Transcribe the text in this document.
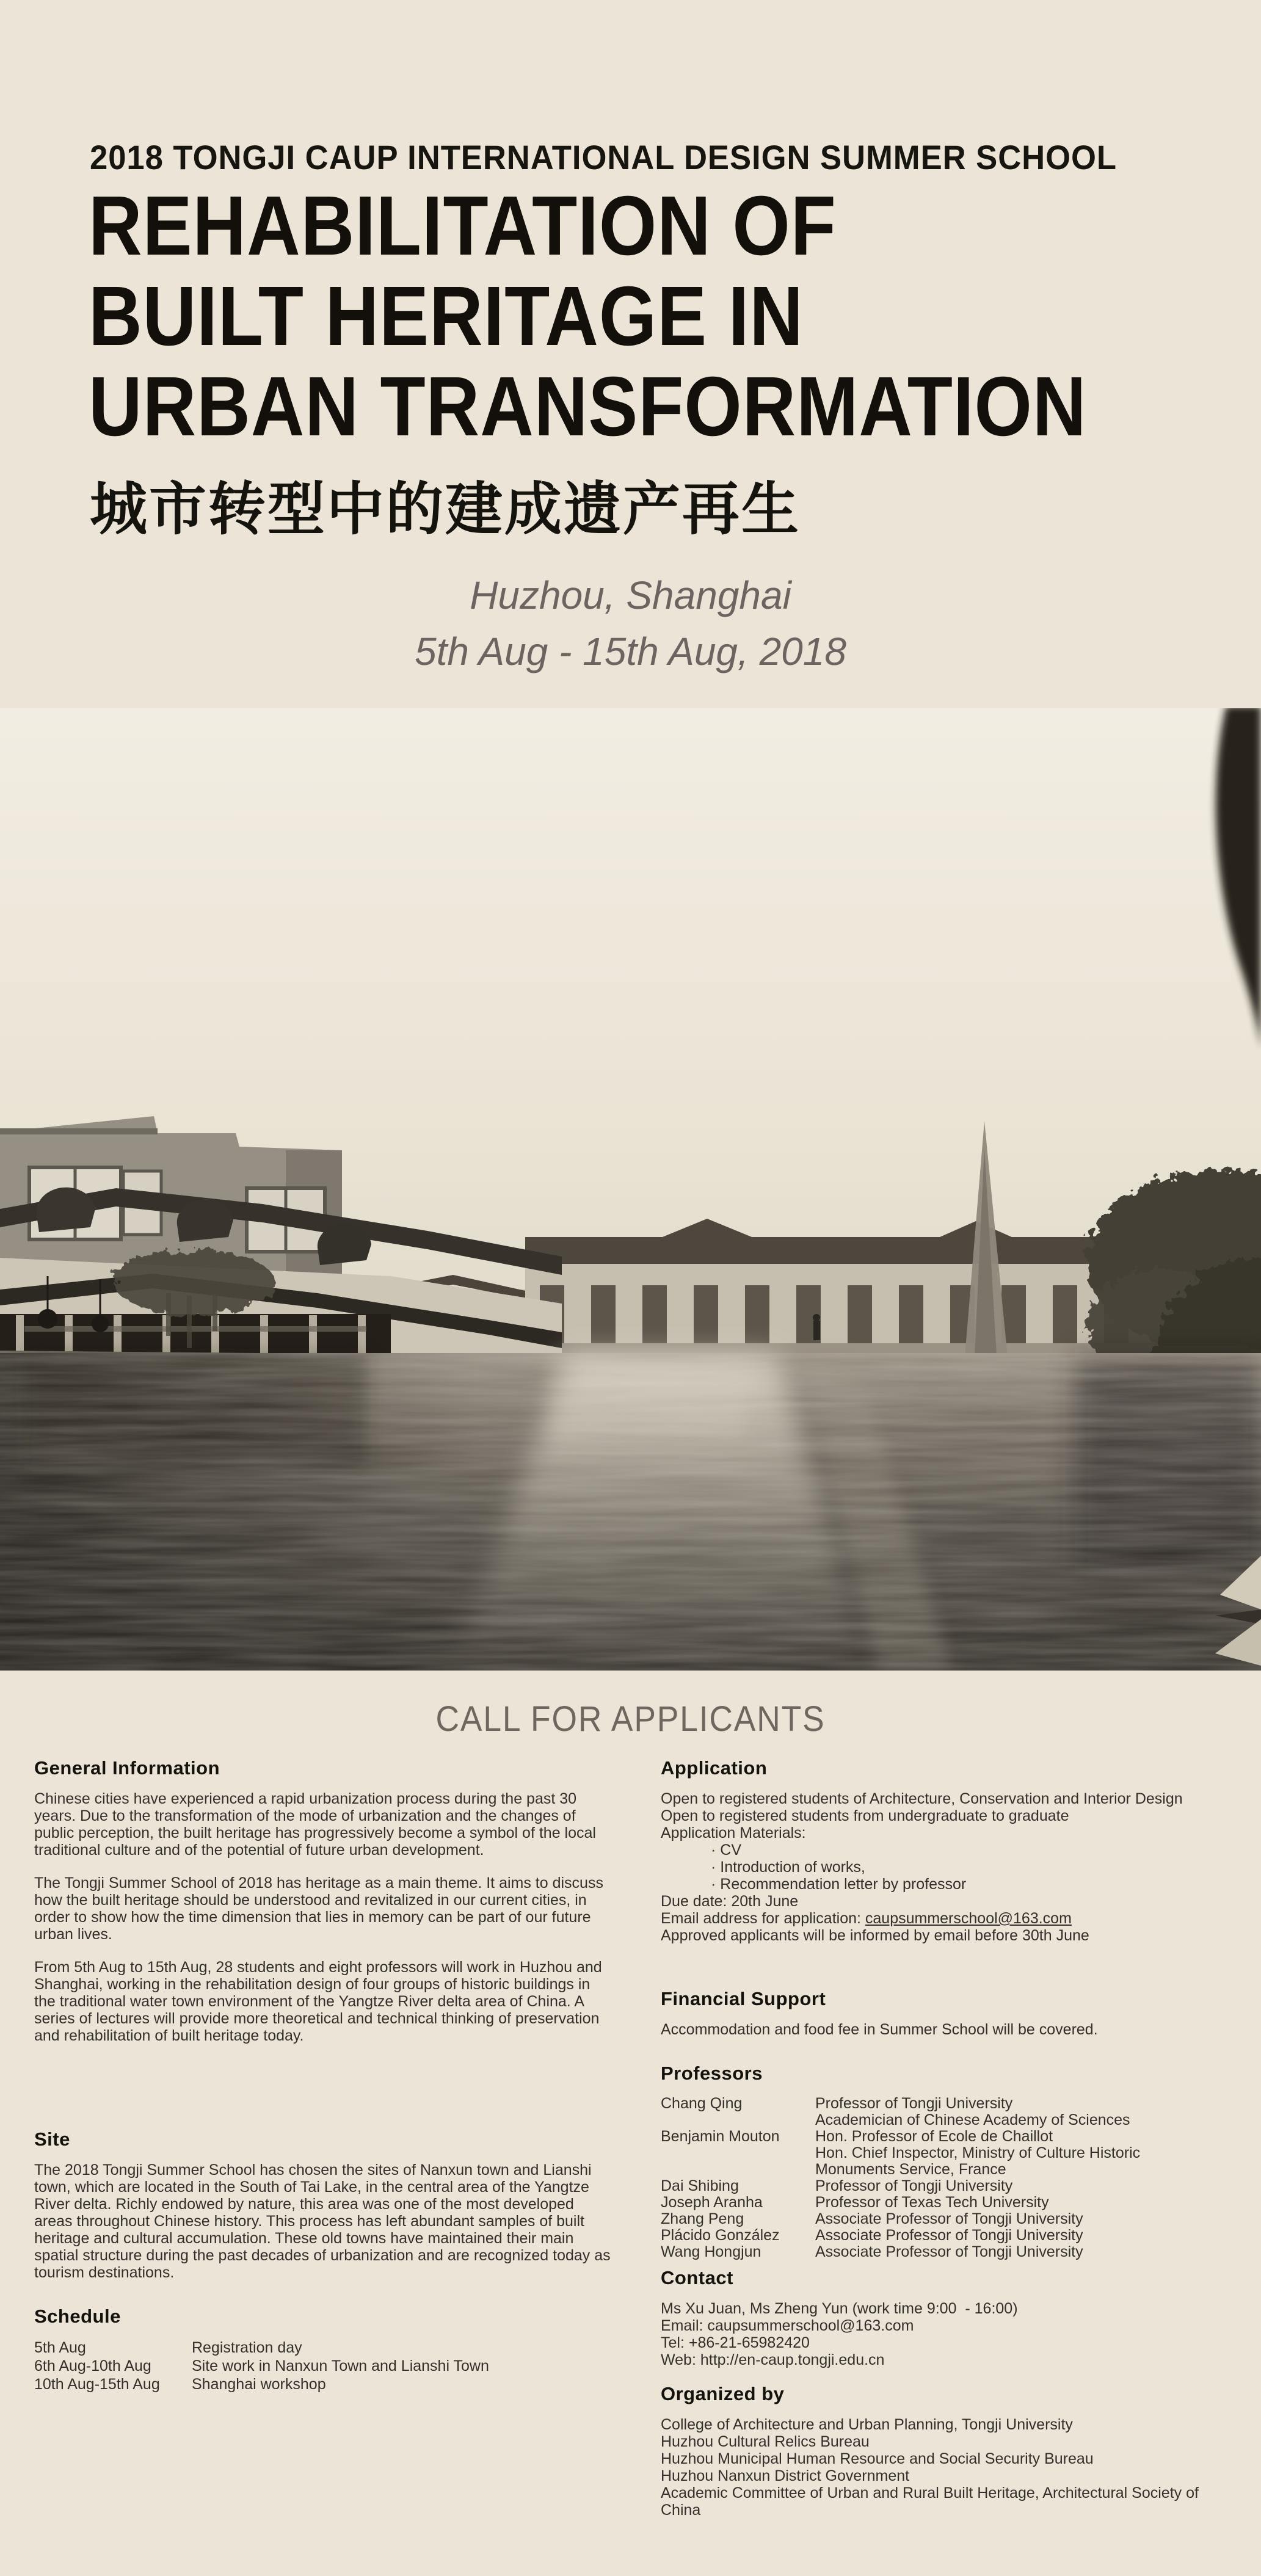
2018 TONGJI CAUP INTERNATIONAL DESIGN SUMMER SCHOOL
REHABILITATION OF
BUILT HERITAGE IN
URBAN TRANSFORMATION
城市转型中的建成遗产再生
Huzhou, Shanghai
5th Aug - 15th Aug, 2018
CALL FOR APPLICANTS
General Information

Chinese cities have experienced a rapid urbanization process during the past 30 years. Due to the transformation of the mode of urbanization and the changes of public perception, the built heritage has progressively become a symbol of the local traditional culture and of the potential of future urban development.

The Tongji Summer School of 2018 has heritage as a main theme. It aims to discuss how the built heritage should be understood and revitalized in our current cities, in order to show how the time dimension that lies in memory can be part of our future urban lives.

From 5th Aug to 15th Aug, 28 students and eight professors will work in Huzhou and Shanghai, working in the rehabilitation design of four groups of historic buildings in the traditional water town environment of the Yangtze River delta area of China. A series of lectures will provide more theoretical and technical thinking of preservation and rehabilitation of built heritage today.

Site

The 2018 Tongji Summer School has chosen the sites of Nanxun town and Lianshi town, which are located in the South of Tai Lake, in the central area of the Yangtze River delta. Richly endowed by nature, this area was one of the most developed areas throughout Chinese history. This process has left abundant samples of built heritage and cultural accumulation. These old towns have maintained their main spatial structure during the past decades of urbanization and are recognized today as tourism destinations.

Schedule
5th Aug	Registration day
6th Aug-10th Aug	Site work in Nanxun Town and Lianshi Town
10th Aug-15th Aug	Shanghai workshop
Application
Open to registered students of Architecture, Conservation and Interior Design
Open to registered students from undergraduate to graduate
Application Materials:
· CV
· Introduction of works,
· Recommendation letter by professor
Due date: 20th June
Email address for application: caupsummerschool@163.com
Approved applicants will be informed by email before 30th June
Financial Support
Accommodation and food fee in Summer School will be covered.
Professors
Chang Qing	Professor of Tongji University
Academician of Chinese Academy of Sciences
Benjamin Mouton	Hon. Professor of Ecole de Chaillot
Hon. Chief Inspector, Ministry of Culture Historic
Monuments Service, France
Dai Shibing	Professor of Tongji University
Joseph Aranha	Professor of Texas Tech University
Zhang Peng	Associate Professor of Tongji University
Plácido González	Associate Professor of Tongji University
Wang Hongjun	Associate Professor of Tongji University
Contact
Ms Xu Juan, Ms Zheng Yun (work time 9:00  - 16:00)
Email: caupsummerschool@163.com
Tel: +86-21-65982420
Web: http://en-caup.tongji.edu.cn
Organized by
College of Architecture and Urban Planning, Tongji University
Huzhou Cultural Relics Bureau
Huzhou Municipal Human Resource and Social Security Bureau
Huzhou Nanxun District Government
Academic Committee of Urban and Rural Built Heritage, Architectural Society of China
